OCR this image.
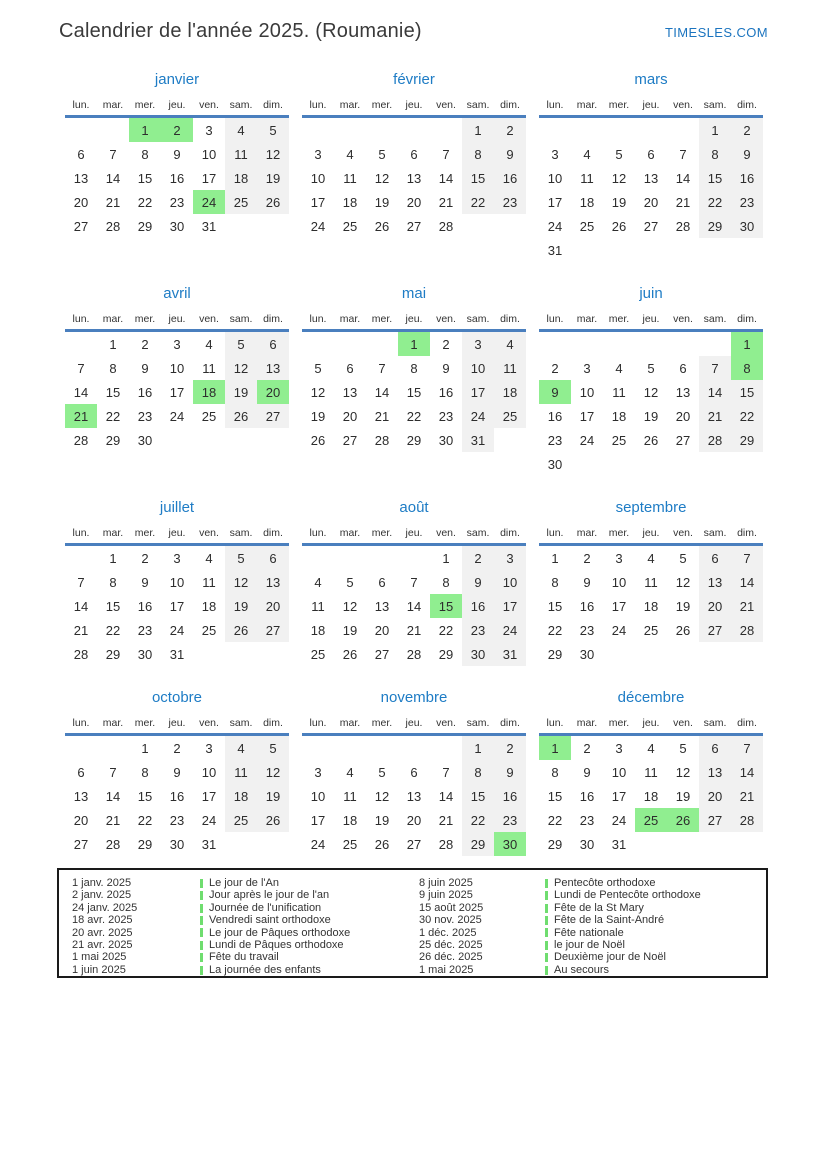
Calendrier de l'année 2025. (Roumanie)	TIMESLES.COM
janvier
lun.	mar.	mer.	jeu.	ven.	sam.	dim.
		1	2	3	4	5
6	7	8	9	10	11	12
13	14	15	16	17	18	19
20	21	22	23	24	25	26
27	28	29	30	31		
février
lun.	mar.	mer.	jeu.	ven.	sam.	dim.
					1	2
3	4	5	6	7	8	9
10	11	12	13	14	15	16
17	18	19	20	21	22	23
24	25	26	27	28		
mars
lun.	mar.	mer.	jeu.	ven.	sam.	dim.
					1	2
3	4	5	6	7	8	9
10	11	12	13	14	15	16
17	18	19	20	21	22	23
24	25	26	27	28	29	30
31						
avril
lun.	mar.	mer.	jeu.	ven.	sam.	dim.
	1	2	3	4	5	6
7	8	9	10	11	12	13
14	15	16	17	18	19	20
21	22	23	24	25	26	27
28	29	30				
mai
lun.	mar.	mer.	jeu.	ven.	sam.	dim.
			1	2	3	4
5	6	7	8	9	10	11
12	13	14	15	16	17	18
19	20	21	22	23	24	25
26	27	28	29	30	31	
juin
lun.	mar.	mer.	jeu.	ven.	sam.	dim.
						1
2	3	4	5	6	7	8
9	10	11	12	13	14	15
16	17	18	19	20	21	22
23	24	25	26	27	28	29
30						
juillet
lun.	mar.	mer.	jeu.	ven.	sam.	dim.
	1	2	3	4	5	6
7	8	9	10	11	12	13
14	15	16	17	18	19	20
21	22	23	24	25	26	27
28	29	30	31			
août
lun.	mar.	mer.	jeu.	ven.	sam.	dim.
				1	2	3
4	5	6	7	8	9	10
11	12	13	14	15	16	17
18	19	20	21	22	23	24
25	26	27	28	29	30	31
septembre
lun.	mar.	mer.	jeu.	ven.	sam.	dim.
1	2	3	4	5	6	7
8	9	10	11	12	13	14
15	16	17	18	19	20	21
22	23	24	25	26	27	28
29	30					
octobre
lun.	mar.	mer.	jeu.	ven.	sam.	dim.
		1	2	3	4	5
6	7	8	9	10	11	12
13	14	15	16	17	18	19
20	21	22	23	24	25	26
27	28	29	30	31		
novembre
lun.	mar.	mer.	jeu.	ven.	sam.	dim.
					1	2
3	4	5	6	7	8	9
10	11	12	13	14	15	16
17	18	19	20	21	22	23
24	25	26	27	28	29	30
décembre
lun.	mar.	mer.	jeu.	ven.	sam.	dim.
1	2	3	4	5	6	7
8	9	10	11	12	13	14
15	16	17	18	19	20	21
22	23	24	25	26	27	28
29	30	31				
1 janv. 2025	Le jour de l'An	8 juin 2025	Pentecôte orthodoxe
2 janv. 2025	Jour après le jour de l'an	9 juin 2025	Lundi de Pentecôte orthodoxe
24 janv. 2025	Journée de l'unification	15 août 2025	Fête de la St Mary
18 avr. 2025	Vendredi saint orthodoxe	30 nov. 2025	Fête de la Saint-André
20 avr. 2025	Le jour de Pâques orthodoxe	1 déc. 2025	Fête nationale
21 avr. 2025	Lundi de Pâques orthodoxe	25 déc. 2025	le jour de Noël
1 mai 2025	Fête du travail	26 déc. 2025	Deuxième jour de Noël
1 juin 2025	La journée des enfants	1 mai 2025	Au secours
